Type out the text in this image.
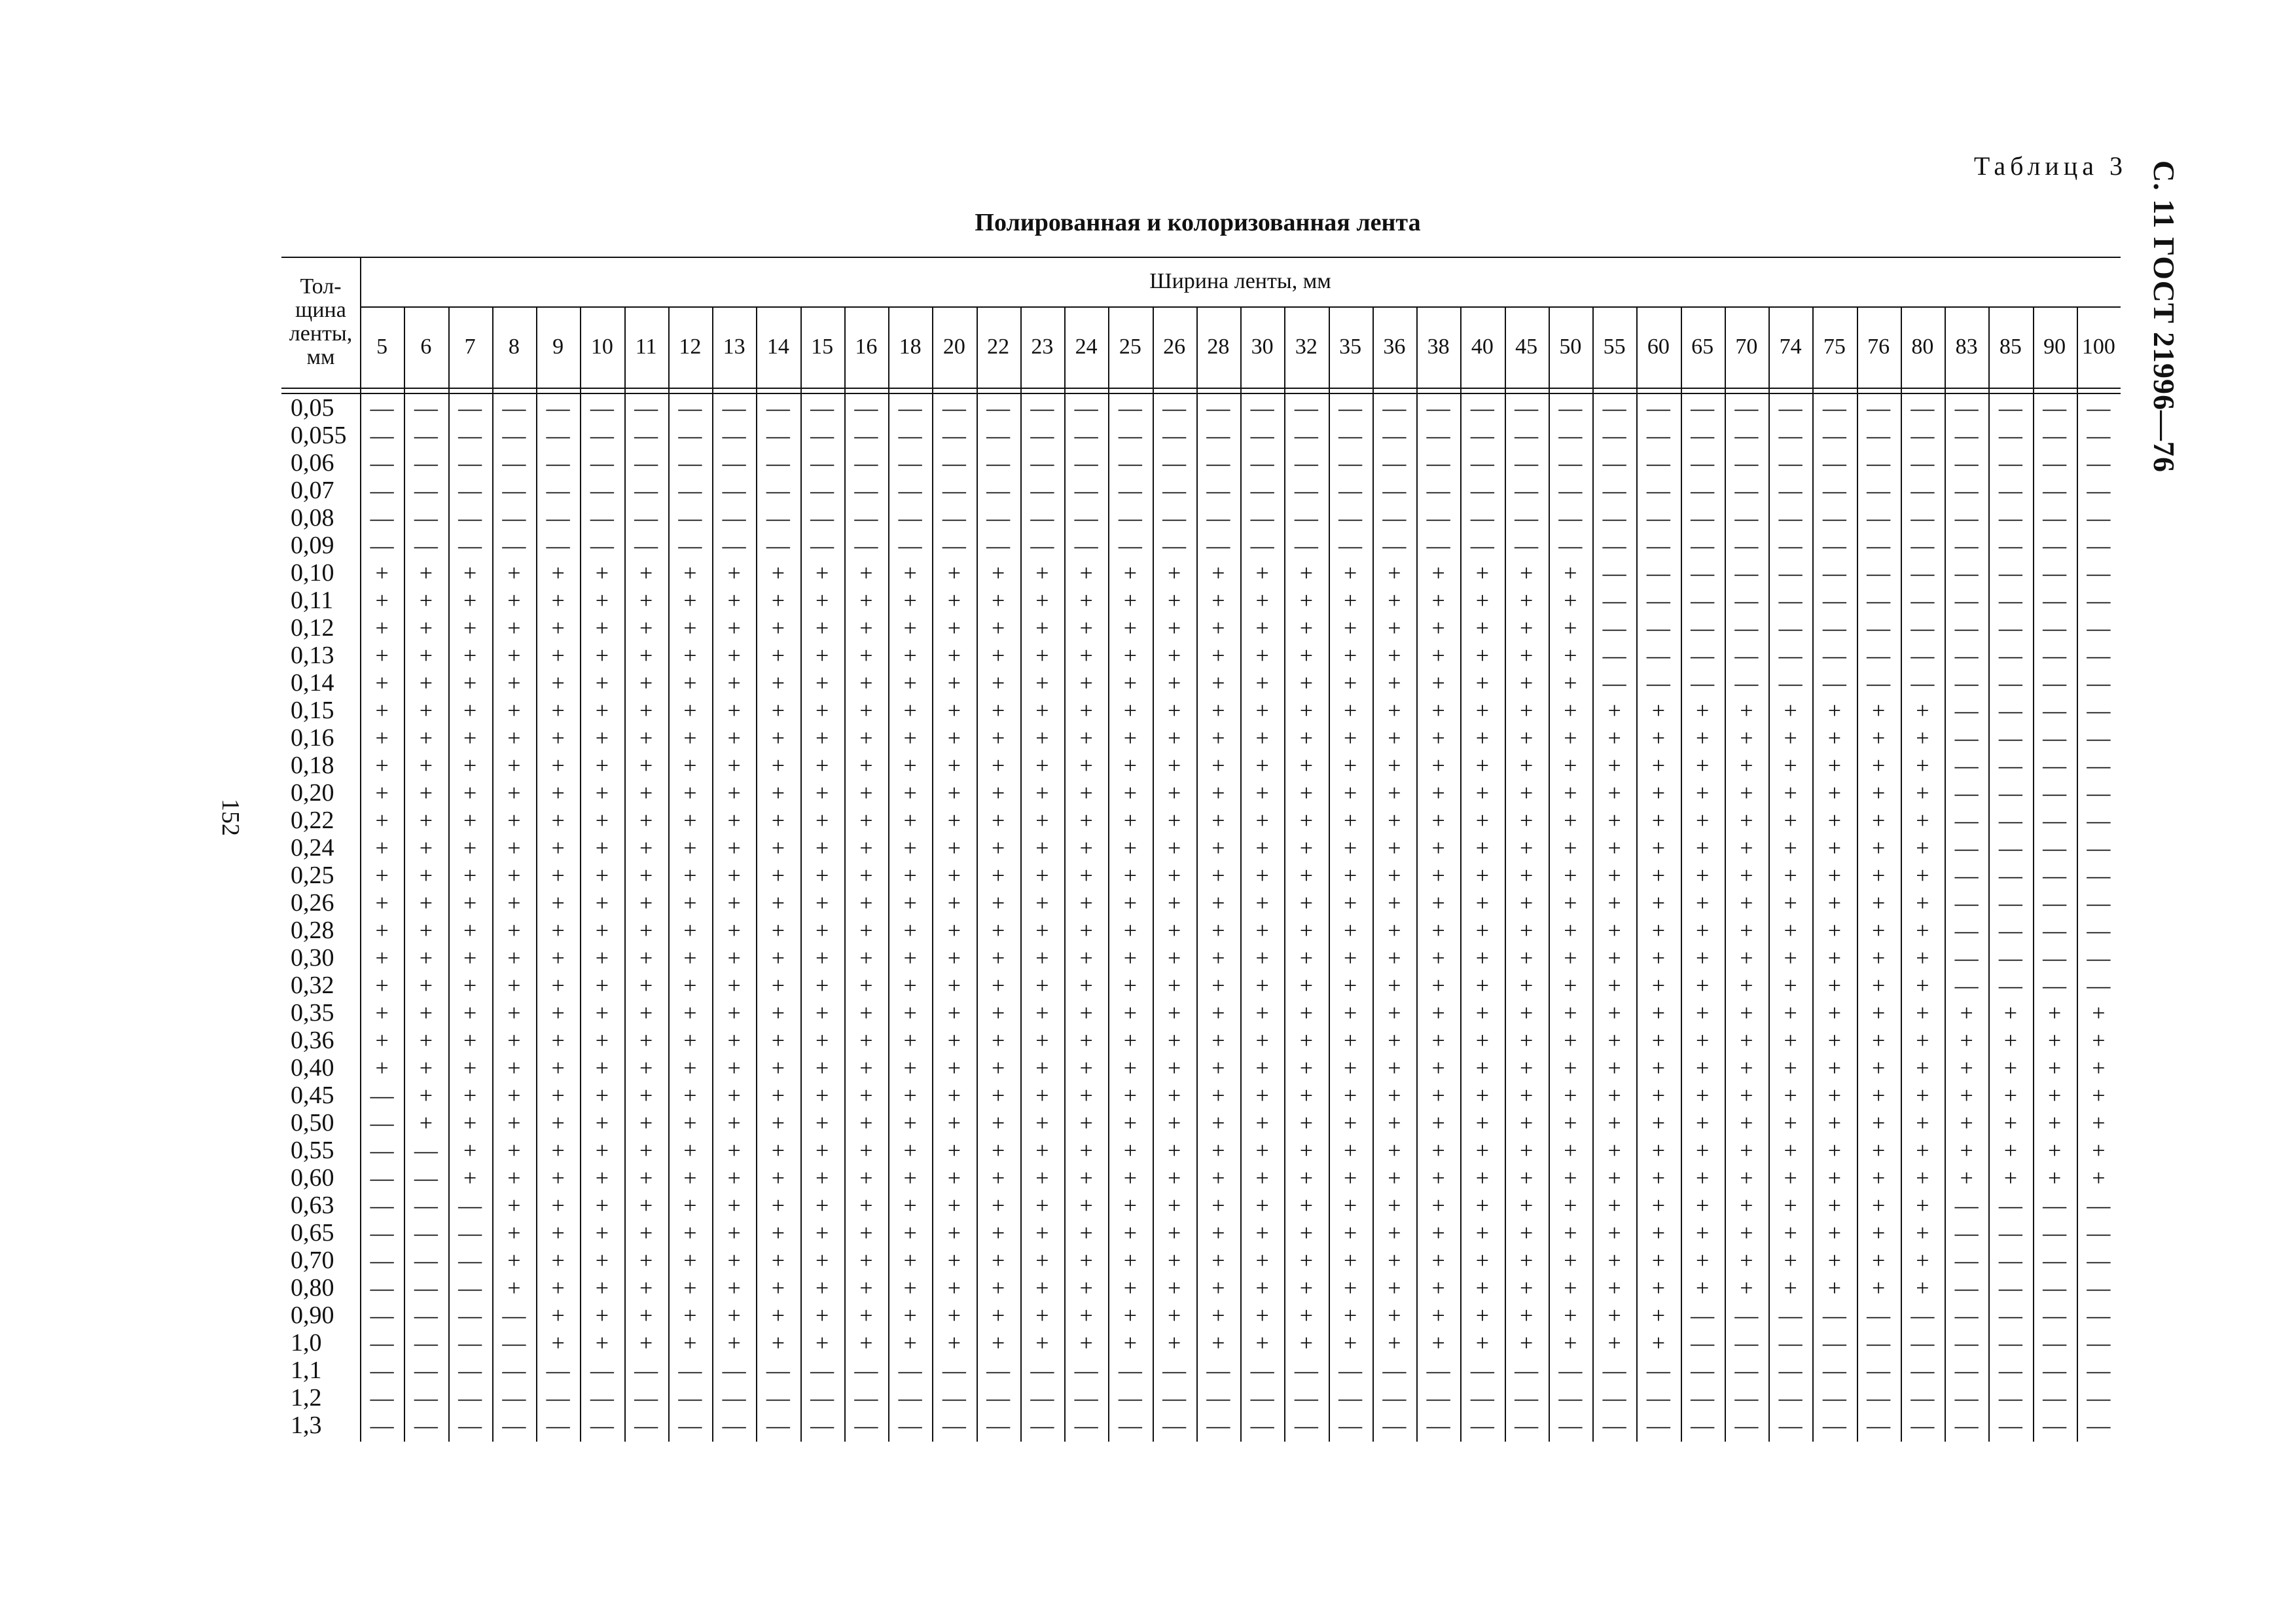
С. 11 ГОСТ 21996—76
Таблица 3
Полированная и колоризованная лента
152
Тол-
щина
ленты,
мм
Ширина ленты, мм
5	6	7	8	9	10 11 12 13 14 15 16 18 20 22 23 24 25 26 28 30 32 35 36 38 40 45 50 55 60 65 70 74 75 76 80 83 85 90 100
0,05	— — — — — — — — — — — — — — — — — — — — — — — — — — — — — — — — — — — — — — — —
0,055	— — — — — — — — — — — — — — — — — — — — — — — — — — — — — — — — — — — — — — — —
0,06	— — — — — — — — — — — — — — — — — — — — — — — — — — — — — — — — — — — — — — — —
0,07	— — — — — — — — — — — — — — — — — — — — — — — — — — — — — — — — — — — — — — — —
0,08	— — — — — — — — — — — — — — — — — — — — — — — — — — — — — — — — — — — — — — — —
0,09	— — — — — — — — — — — — — — — — — — — — — — — — — — — — — — — — — — — — — — — —
0,10	+	+	+	+	+	+	+	+	+	+	+	+	+	+	+	+	+	+	+	+	+	+	+	+	+	+	+	+	— — — — — — — — — — — —
0,11	+	+	+	+	+	+	+	+	+	+	+	+	+	+	+	+	+	+	+	+	+	+	+	+	+	+	+	+	— — — — — — — — — — — —
0,12	+	+	+	+	+	+	+	+	+	+	+	+	+	+	+	+	+	+	+	+	+	+	+	+	+	+	+	+	— — — — — — — — — — — —
0,13	+	+	+	+	+	+	+	+	+	+	+	+	+	+	+	+	+	+	+	+	+	+	+	+	+	+	+	+	— — — — — — — — — — — —
0,14	+	+	+	+	+	+	+	+	+	+	+	+	+	+	+	+	+	+	+	+	+	+	+	+	+	+	+	+	— — — — — — — — — — — —
0,15	+	+	+	+	+	+	+	+	+	+	+	+	+	+	+	+	+	+	+	+	+	+	+	+	+	+	+	+	+	+	+	+	+	+	+	+	— — — —
0,16	+	+	+	+	+	+	+	+	+	+	+	+	+	+	+	+	+	+	+	+	+	+	+	+	+	+	+	+	+	+	+	+	+	+	+	+	— — — —
0,18	+	+	+	+	+	+	+	+	+	+	+	+	+	+	+	+	+	+	+	+	+	+	+	+	+	+	+	+	+	+	+	+	+	+	+	+	— — — —
0,20	+	+	+	+	+	+	+	+	+	+	+	+	+	+	+	+	+	+	+	+	+	+	+	+	+	+	+	+	+	+	+	+	+	+	+	+	— — — —
0,22	+	+	+	+	+	+	+	+	+	+	+	+	+	+	+	+	+	+	+	+	+	+	+	+	+	+	+	+	+	+	+	+	+	+	+	+	— — — —
0,24	+	+	+	+	+	+	+	+	+	+	+	+	+	+	+	+	+	+	+	+	+	+	+	+	+	+	+	+	+	+	+	+	+	+	+	+	— — — —
0,25	+	+	+	+	+	+	+	+	+	+	+	+	+	+	+	+	+	+	+	+	+	+	+	+	+	+	+	+	+	+	+	+	+	+	+	+	— — — —
0,26	+	+	+	+	+	+	+	+	+	+	+	+	+	+	+	+	+	+	+	+	+	+	+	+	+	+	+	+	+	+	+	+	+	+	+	+	— — — —
0,28	+	+	+	+	+	+	+	+	+	+	+	+	+	+	+	+	+	+	+	+	+	+	+	+	+	+	+	+	+	+	+	+	+	+	+	+	— — — —
0,30	+	+	+	+	+	+	+	+	+	+	+	+	+	+	+	+	+	+	+	+	+	+	+	+	+	+	+	+	+	+	+	+	+	+	+	+	— — — —
0,32	+	+	+	+	+	+	+	+	+	+	+	+	+	+	+	+	+	+	+	+	+	+	+	+	+	+	+	+	+	+	+	+	+	+	+	+	— — — —
0,35	+	+	+	+	+	+	+	+	+	+	+	+	+	+	+	+	+	+	+	+	+	+	+	+	+	+	+	+	+	+	+	+	+	+	+	+	+	+	+	+
0,36	+	+	+	+	+	+	+	+	+	+	+	+	+	+	+	+	+	+	+	+	+	+	+	+	+	+	+	+	+	+	+	+	+	+	+	+	+	+	+	+
0,40	+	+	+	+	+	+	+	+	+	+	+	+	+	+	+	+	+	+	+	+	+	+	+	+	+	+	+	+	+	+	+	+	+	+	+	+	+	+	+	+
0,45	—	+	+	+	+	+	+	+	+	+	+	+	+	+	+	+	+	+	+	+	+	+	+	+	+	+	+	+	+	+	+	+	+	+	+	+	+	+	+	+
0,50	—	+	+	+	+	+	+	+	+	+	+	+	+	+	+	+	+	+	+	+	+	+	+	+	+	+	+	+	+	+	+	+	+	+	+	+	+	+	+	+
0,55	— —	+	+	+	+	+	+	+	+	+	+	+	+	+	+	+	+	+	+	+	+	+	+	+	+	+	+	+	+	+	+	+	+	+	+	+	+	+	+
0,60	— —	+	+	+	+	+	+	+	+	+	+	+	+	+	+	+	+	+	+	+	+	+	+	+	+	+	+	+	+	+	+	+	+	+	+	+	+	+	+
0,63	— — —	+	+	+	+	+	+	+	+	+	+	+	+	+	+	+	+	+	+	+	+	+	+	+	+	+	+	+	+	+	+	+	+	+	— — — —
0,65	— — —	+	+	+	+	+	+	+	+	+	+	+	+	+	+	+	+	+	+	+	+	+	+	+	+	+	+	+	+	+	+	+	+	+	— — — —
0,70	— — —	+	+	+	+	+	+	+	+	+	+	+	+	+	+	+	+	+	+	+	+	+	+	+	+	+	+	+	+	+	+	+	+	+	— — — —
0,80	— — —	+	+	+	+	+	+	+	+	+	+	+	+	+	+	+	+	+	+	+	+	+	+	+	+	+	+	+	+	+	+	+	+	+	— — — —
0,90	— — — —	+	+	+	+	+	+	+	+	+	+	+	+	+	+	+	+	+	+	+	+	+	+	+	+	+	+	— — — — — — — — — —
1,0	— — — —	+	+	+	+	+	+	+	+	+	+	+	+	+	+	+	+	+	+	+	+	+	+	+	+	+	+	— — — — — — — — — —
1,1	— — — — — — — — — — — — — — — — — — — — — — — — — — — — — — — — — — — — — — — —
1,2	— — — — — — — — — — — — — — — — — — — — — — — — — — — — — — — — — — — — — — — —
1,3	— — — — — — — — — — — — — — — — — — — — — — — — — — — — — — — — — — — — — — — —
